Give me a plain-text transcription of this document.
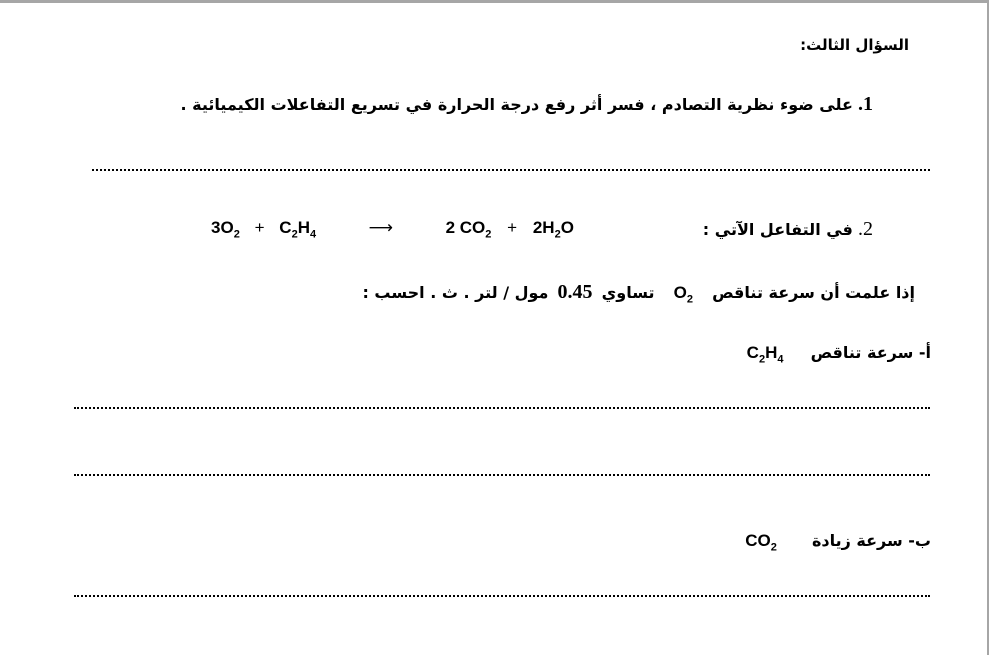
السؤال الثالث:
1. على ضوء نظرية التصادم ، فسر أثر رفع درجة الحرارة في تسريع التفاعلات الكيميائية .
2. في التفاعل الآتي :
$3O_2 + C_2H_4$	⟶	2 $CO_2 + 2H_2O$
إذا علمت أن سرعة تناقص $O_2$ تساوي 0.45 مول / لتر . ث . احسب :
أ- سرعة تناقص $C_2H_4$
ب- سرعة زيادة $CO_2$
